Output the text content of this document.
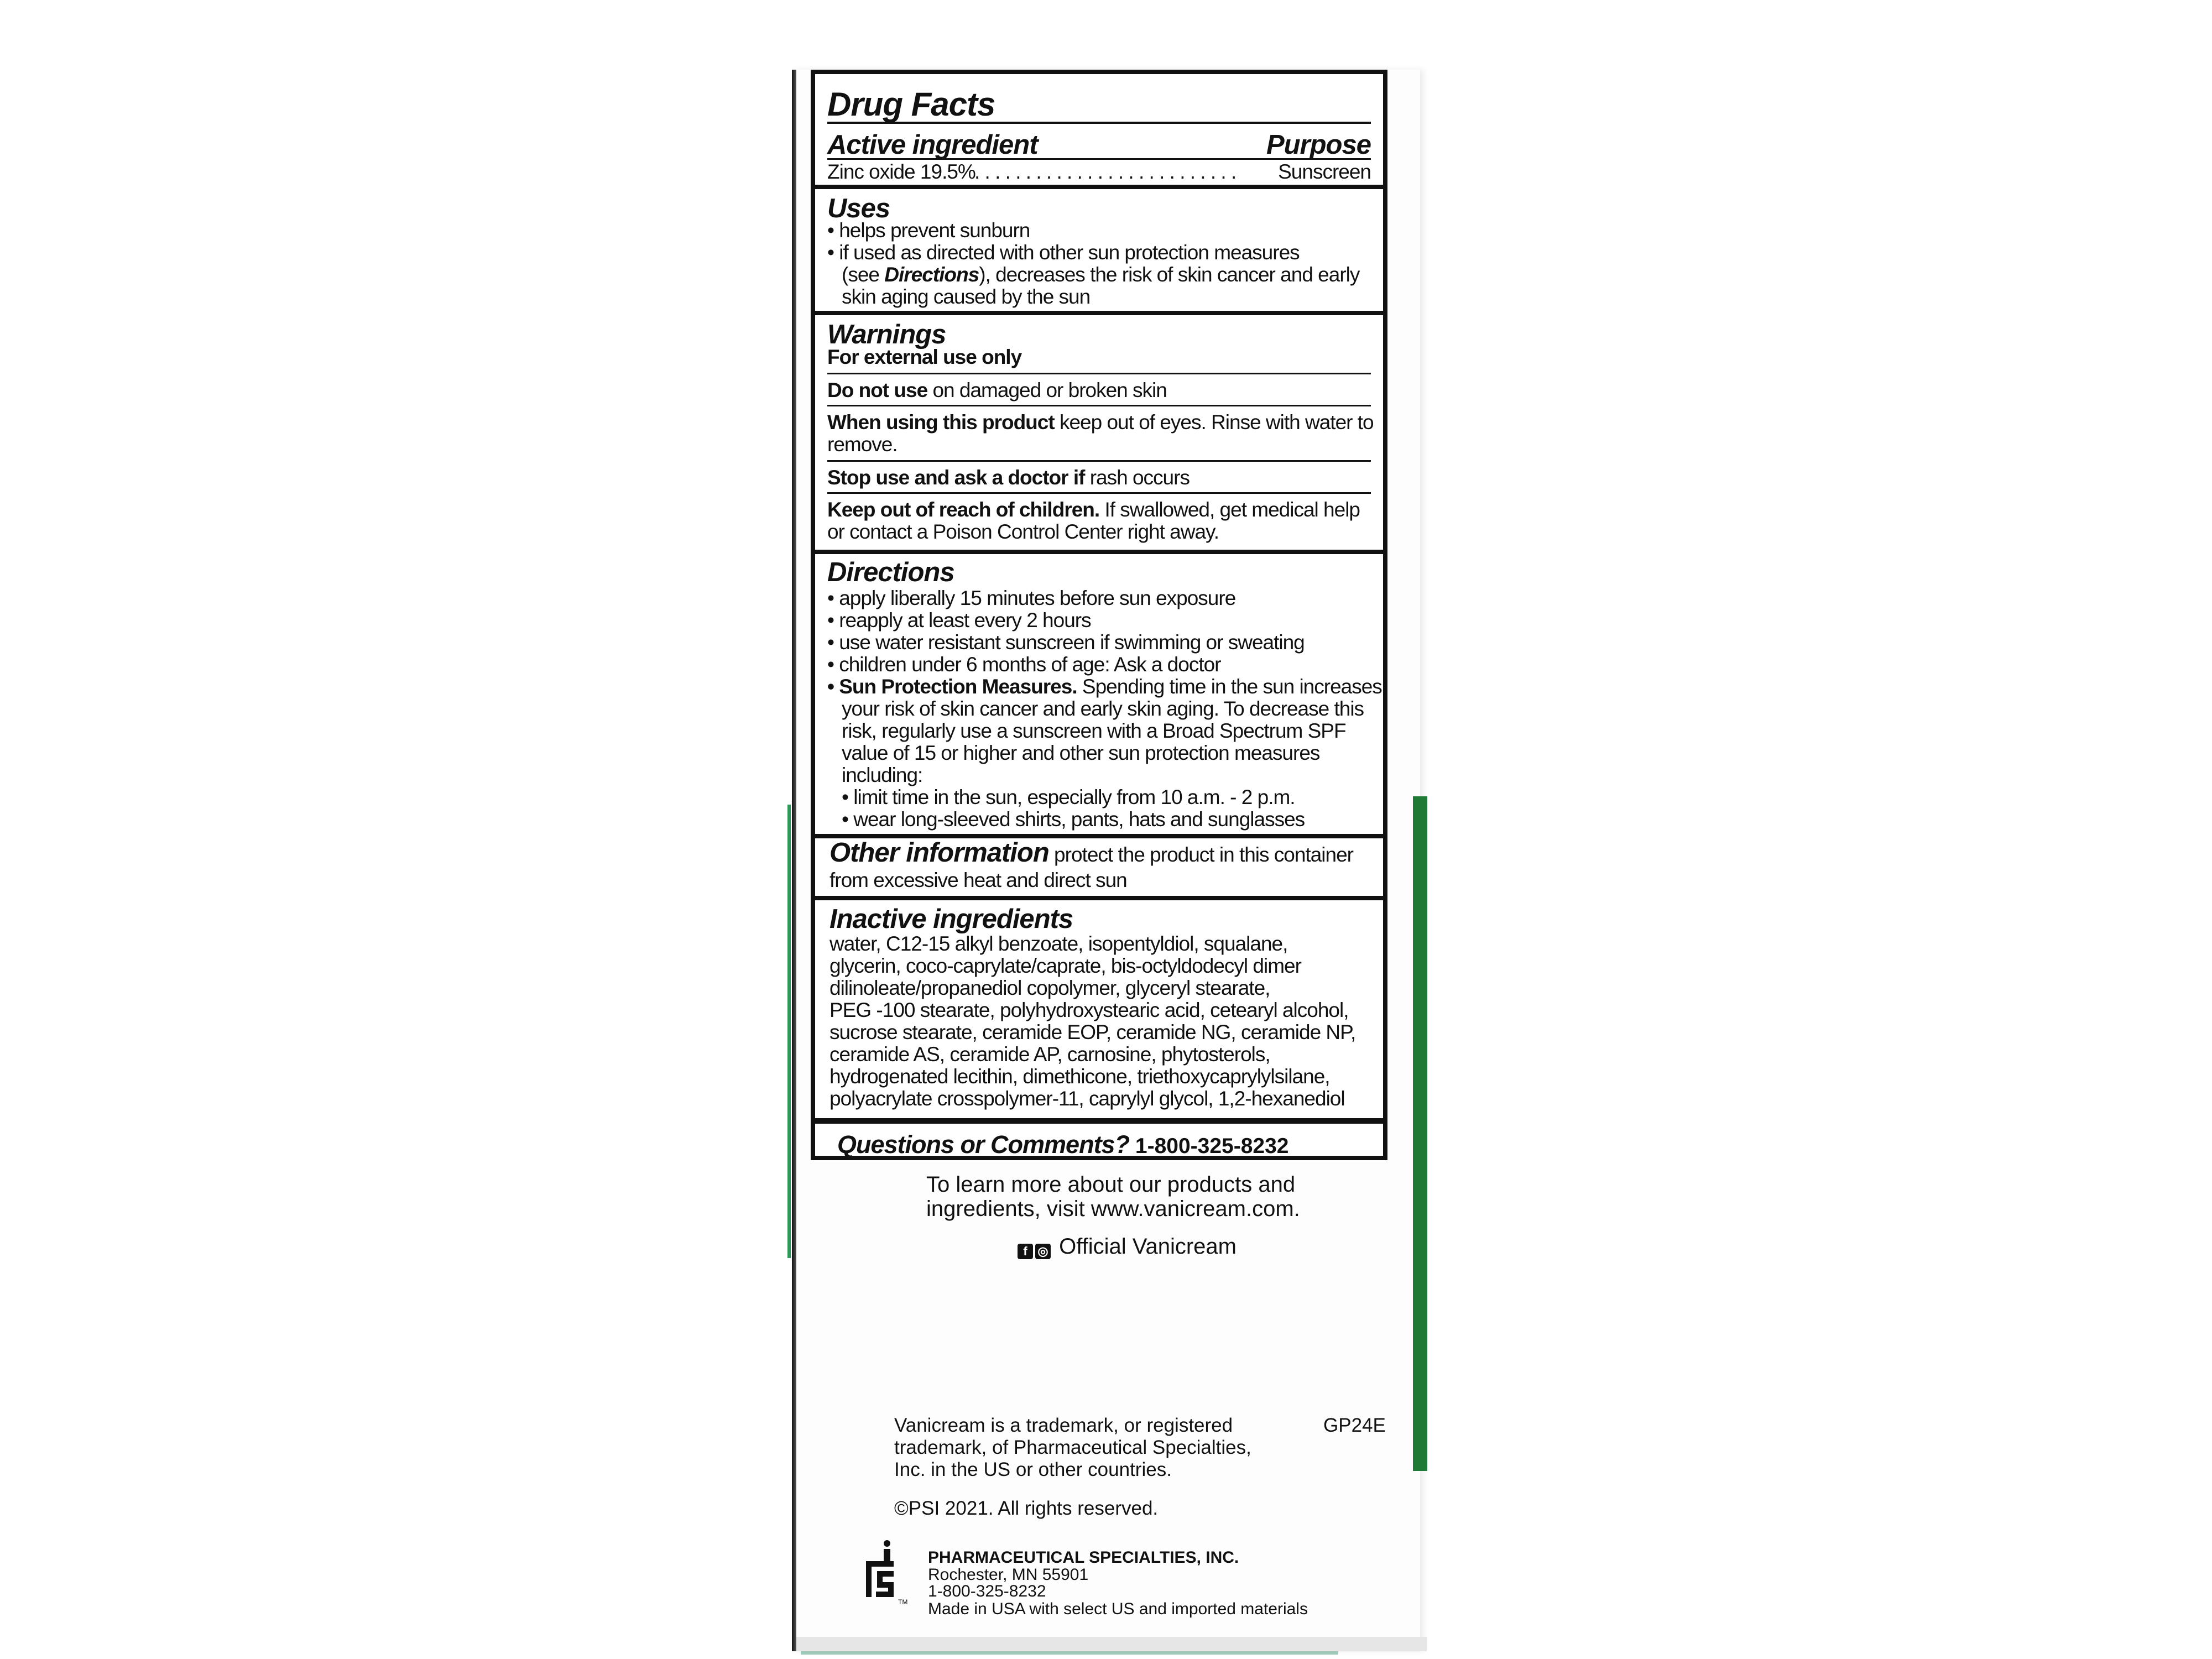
Drug Facts
Active ingredient	Purpose
Zinc oxide 19.5%
. . . . . . . . . . . . . . . . . . . . . . . . . . Sunscreen
Uses
• helps prevent sunburn
• if used as directed with other sun protection measures
(see Directions), decreases the risk of skin cancer and early
skin aging caused by the sun
Warnings
For external use only
Do not use on damaged or broken skin
When using this product keep out of eyes. Rinse with water to
remove.
Stop use and ask a doctor if rash occurs
Keep out of reach of children. If swallowed, get medical help
or contact a Poison Control Center right away.
Directions
• apply liberally 15 minutes before sun exposure
• reapply at least every 2 hours
• use water resistant sunscreen if swimming or sweating
• children under 6 months of age: Ask a doctor
• Sun Protection Measures. Spending time in the sun increases
your risk of skin cancer and early skin aging. To decrease this
risk, regularly use a sunscreen with a Broad Spectrum SPF
value of 15 or higher and other sun protection measures
including:
• limit time in the sun, especially from 10 a.m. - 2 p.m.
• wear long-sleeved shirts, pants, hats and sunglasses
Other information protect the product in this container
from excessive heat and direct sun
Inactive ingredients
water, C12-15 alkyl benzoate, isopentyldiol, squalane,
glycerin, coco-caprylate/caprate, bis-octyldodecyl dimer
dilinoleate/propanediol copolymer, glyceryl stearate,
PEG -100 stearate, polyhydroxystearic acid, cetearyl alcohol,
sucrose stearate, ceramide EOP, ceramide NG, ceramide NP,
ceramide AS, ceramide AP, carnosine, phytosterols,
hydrogenated lecithin, dimethicone, triethoxycaprylylsilane,
polyacrylate crosspolymer-11, caprylyl glycol, 1,2-hexanediol
Questions or Comments? 1-800-325-8232
To learn more about our products and
ingredients, visit www.vanicream.com.
f ◎ Official Vanicream
Vanicream is a trademark, or registered
trademark, of Pharmaceutical Specialties,
Inc. in the US or other countries.
GP24E
©PSI 2021. All rights reserved.
TM
PHARMACEUTICAL SPECIALTIES, INC.
Rochester, MN 55901
1-800-325-8232
Made in USA with select US and imported materials
